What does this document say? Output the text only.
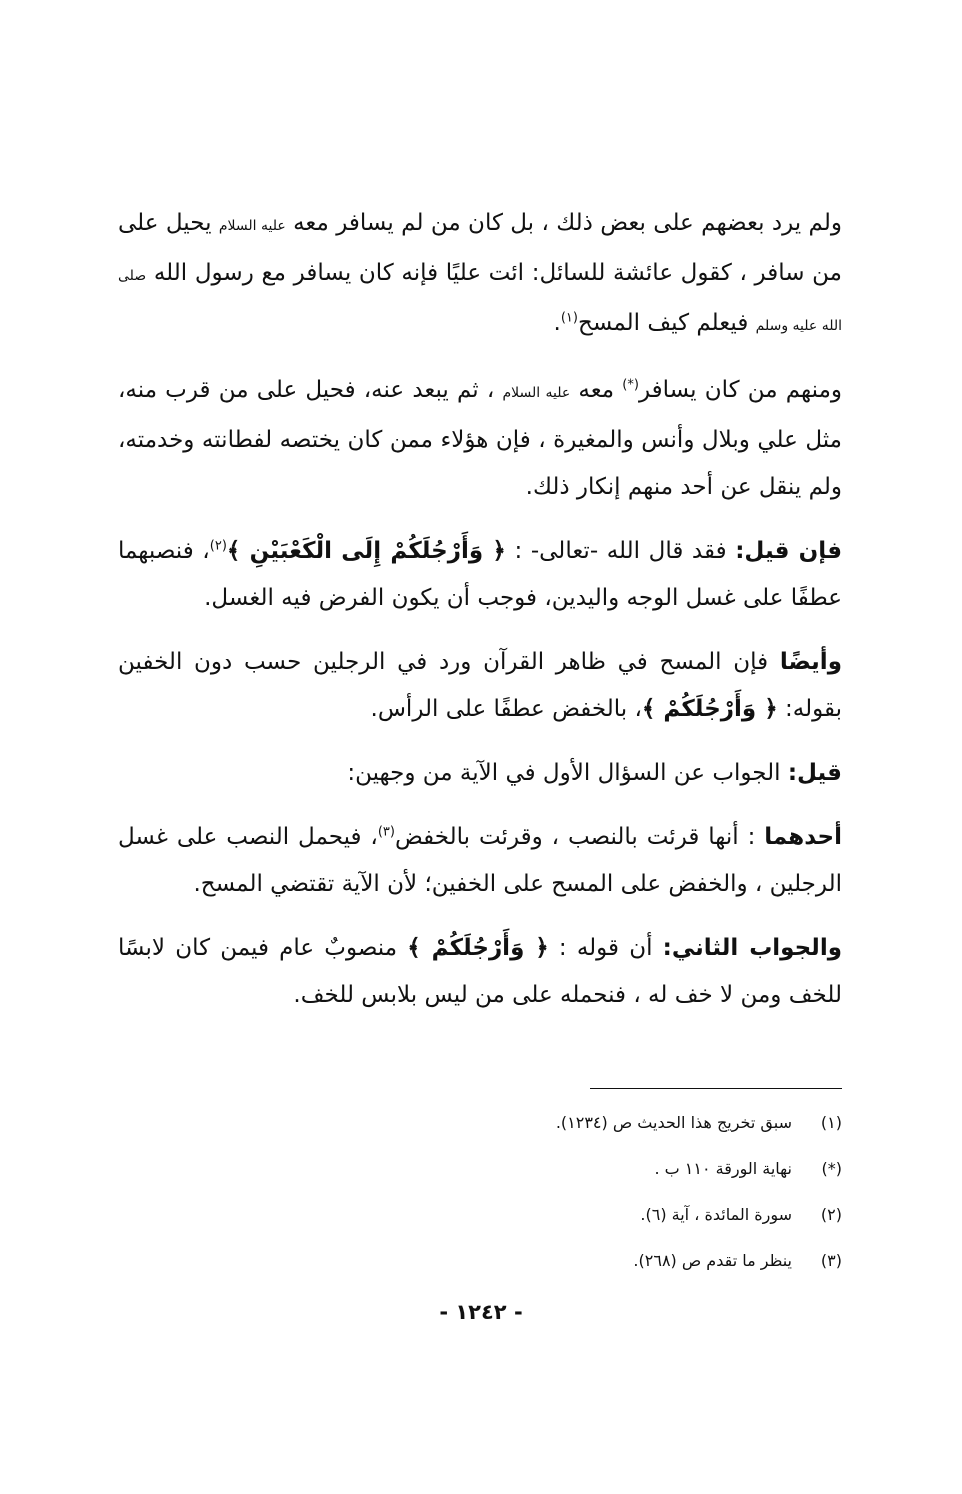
ولم يرد بعضهم على بعض ذلك ، بل كان من لم يسافر معه عليه السلام يحيل على من سافر ، كقول عائشة للسائل: ائت عليًا فإنه كان يسافر مع رسول الله صلى الله عليه وسلم فيعلم كيف المسح$^{(١)}$.

ومنهم من كان يسافر(*) معه عليه السلام ، ثم يبعد عنه، فحيل على من قرب منه، مثل علي وبلال وأنس والمغيرة ، فإن هؤلاء ممن كان يختصه لفطانته وخدمته، ولم ينقل عن أحد منهم إنكار ذلك.

فإن قيل: فقد قال الله -تعالى- : ﴿ وَأَرْجُلَكُمْ إِلَى الْكَعْبَيْنِ ﴾$^{(٢)}$، فنصبهما عطفًا على غسل الوجه واليدين، فوجب أن يكون الفرض فيه الغسل.

وأيضًا فإن المسح في ظاهر القرآن ورد في الرجلين حسب دون الخفين بقوله: ﴿ وَأَرْجُلَكُمْ ﴾، بالخفض عطفًا على الرأس.

قيل: الجواب عن السؤال الأول في الآية من وجهين:

أحدهما : أنها قرئت بالنصب ، وقرئت بالخفض$^{(٣)}$، فيحمل النصب على غسل الرجلين ، والخفض على المسح على الخفين؛ لأن الآية تقتضي المسح.

والجواب الثاني: أن قوله : ﴿ وَأَرْجُلَكُمْ ﴾ منصوبٌ عام فيمن كان لابسًا للخف ومن لا خف له ، فنحمله على من ليس بلابس للخف.

(١)
سبق تخريج هذا الحديث ص (١٢٣٤).
(*)
نهاية الورقة ١١٠ ب .
(٢)
سورة المائدة ، آية (٦).
(٣)
ينظر ما تقدم ص (٢٦٨).
- ١٢٤٢ -
